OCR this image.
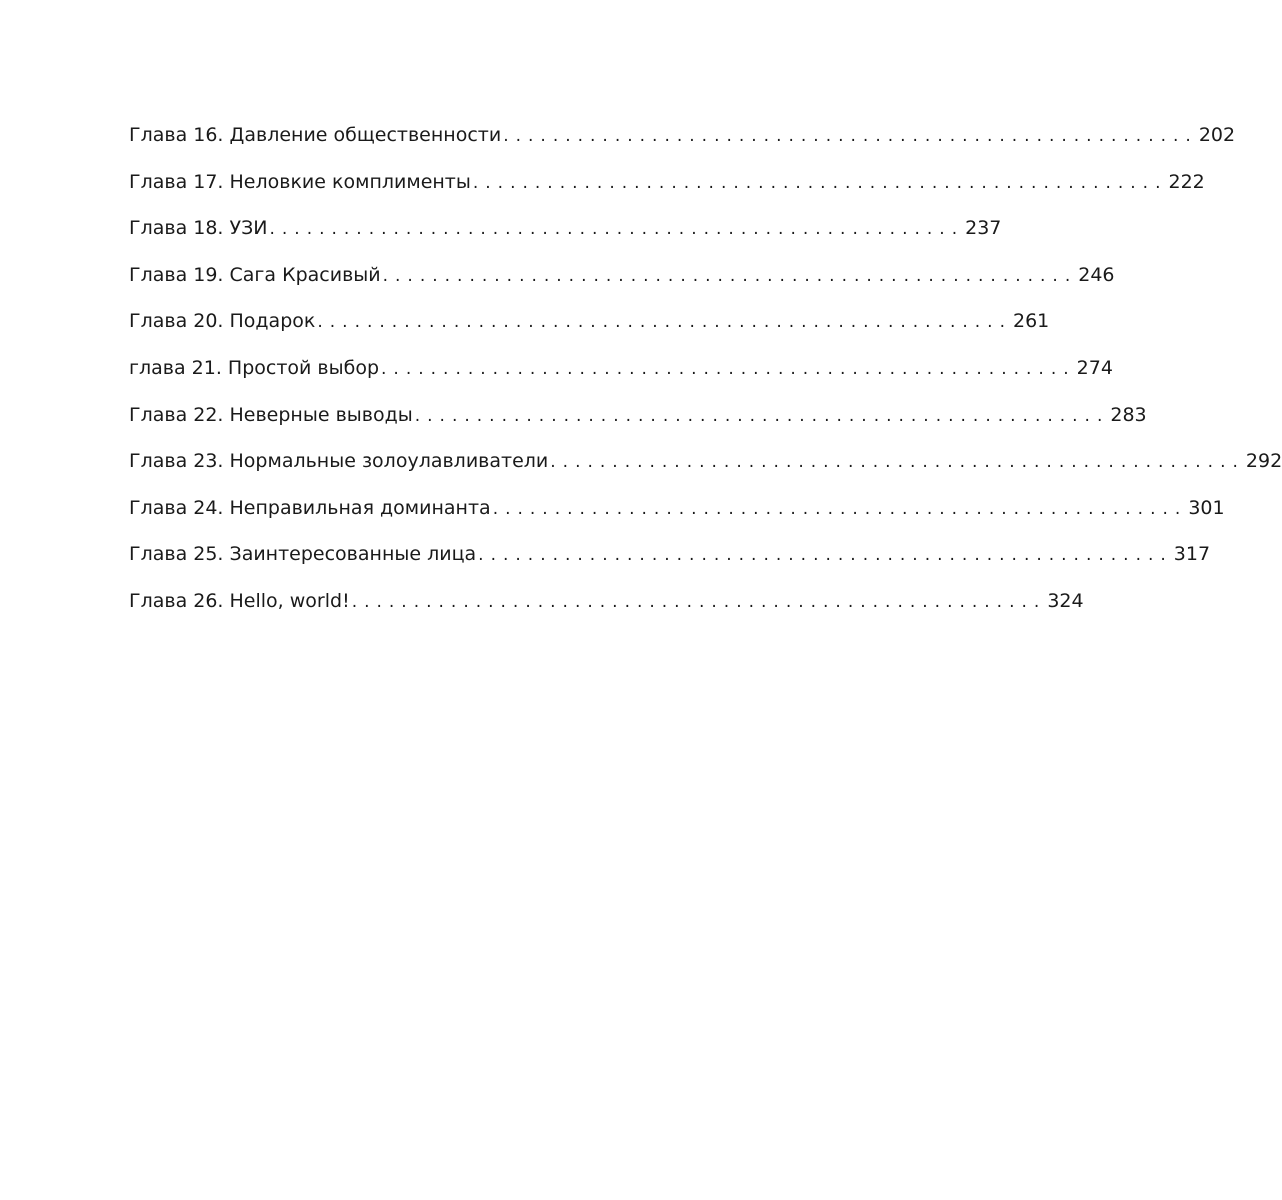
Глава 16. Давление общественности ........................................................ 202
Глава 17. Неловкие комплименты ........................................................ 222
Глава 18. УЗИ ........................................................ 237
Глава 19. Сага Красивый ........................................................ 246
Глава 20. Подарок ........................................................ 261
глава 21. Простой выбор ........................................................ 274
Глава 22. Неверные выводы ........................................................ 283
Глава 23. Нормальные золоулавливатели ........................................................ 292
Глава 24. Неправильная доминанта ........................................................ 301
Глава 25. Заинтересованные лица ........................................................ 317
Глава 26. Hello, world! ........................................................ 324
